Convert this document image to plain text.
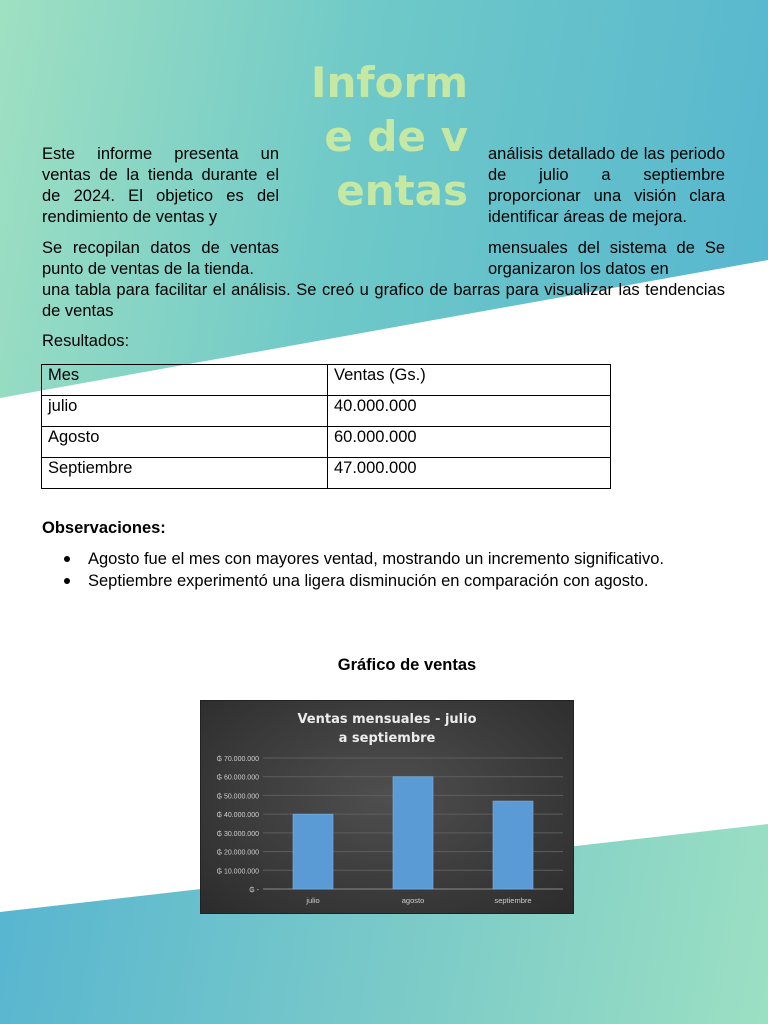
Este informe presenta un ventas de la tienda durante el de 2024. El objetico es del rendimiento de ventas y

análisis detallado de las periodo de julio a septiembre proporcionar una visión clara identificar áreas de mejora.

Se recopilan datos de ventas punto de ventas de la tienda.

mensuales del sistema de Se organizaron los datos en

una tabla para facilitar el análisis. Se creó u grafico de barras para visualizar las tendencias de ventas

Informe de ventas

Resultados:

Mes	Ventas (Gs.)
julio	40.000.000
Agosto	60.000.000
Septiembre	47.000.000

Observaciones:

Agosto fue el mes con mayores ventad, mostrando un incremento significativo.
Septiembre experimentó una ligera disminución en comparación con agosto.

Gráfico de ventas

Ventas mensuales - julio
a septiembre
₲ -
₲ 10.000.000
₲ 20.000.000
₲ 30.000.000
₲ 40.000.000
₲ 50.000.000
₲ 60.000.000
₲ 70.000.000
julio	agosto	septiembre
